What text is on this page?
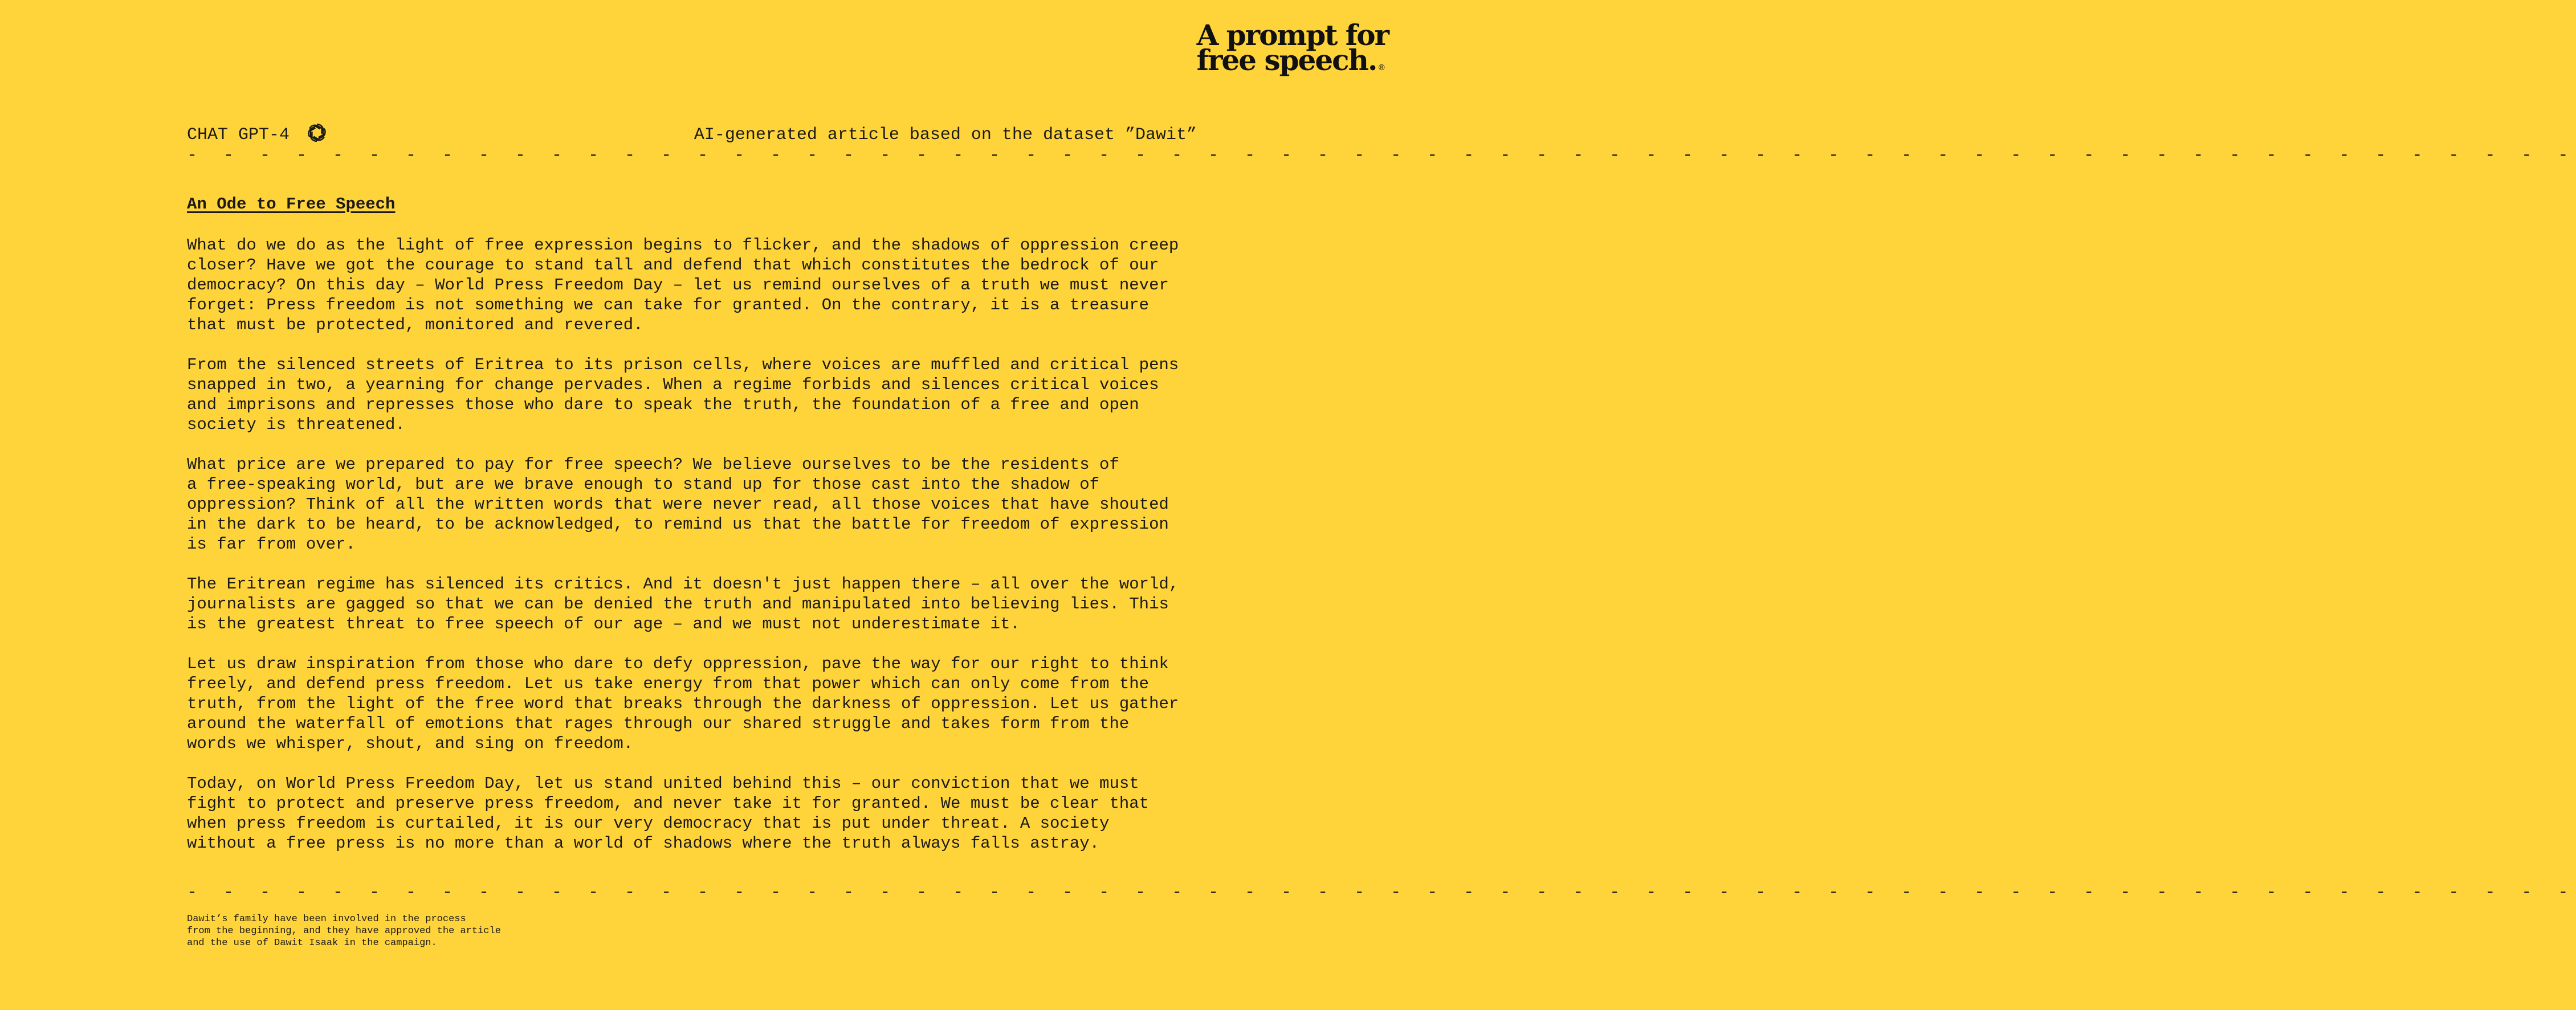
A prompt for
free speech. ®
CHAT GPT-4	AI-generated article based on the dataset ”Dawit”
- - - - - - - - - - - - - - - - - - - - - - - - - - - - - - - - - - - - - - - - - - - - - - - - - - - - - - - - - - - - - - - - - -
An Ode to Free Speech

What do we do as the light of free expression begins to flicker, and the shadows of oppression creep
closer? Have we got the courage to stand tall and defend that which constitutes the bedrock of our
democracy? On this day – World Press Freedom Day – let us remind ourselves of a truth we must never
forget: Press freedom is not something we can take for granted. On the contrary, it is a treasure
that must be protected, monitored and revered.

From the silenced streets of Eritrea to its prison cells, where voices are muffled and critical pens
snapped in two, a yearning for change pervades. When a regime forbids and silences critical voices
and imprisons and represses those who dare to speak the truth, the foundation of a free and open
society is threatened.

What price are we prepared to pay for free speech? We believe ourselves to be the residents of
a free-speaking world, but are we brave enough to stand up for those cast into the shadow of
oppression? Think of all the written words that were never read, all those voices that have shouted
in the dark to be heard, to be acknowledged, to remind us that the battle for freedom of expression
is far from over.

The Eritrean regime has silenced its critics. And it doesn't just happen there – all over the world,
journalists are gagged so that we can be denied the truth and manipulated into believing lies. This
is the greatest threat to free speech of our age – and we must not underestimate it.

Let us draw inspiration from those who dare to defy oppression, pave the way for our right to think
freely, and defend press freedom. Let us take energy from that power which can only come from the
truth, from the light of the free word that breaks through the darkness of oppression. Let us gather
around the waterfall of emotions that rages through our shared struggle and takes form from the
words we whisper, shout, and sing on freedom.

Today, on World Press Freedom Day, let us stand united behind this – our conviction that we must
fight to protect and preserve press freedom, and never take it for granted. We must be clear that
when press freedom is curtailed, it is our very democracy that is put under threat. A society
without a free press is no more than a world of shadows where the truth always falls astray.

- - - - - - - - - - - - - - - - - - - - - - - - - - - - - - - - - - - - - - - - - - - - - - - - - - - - - - - - - - - - - - - - - -
Dawit’s family have been involved in the process
from the beginning, and they have approved the article
and the use of Dawit Isaak in the campaign.
